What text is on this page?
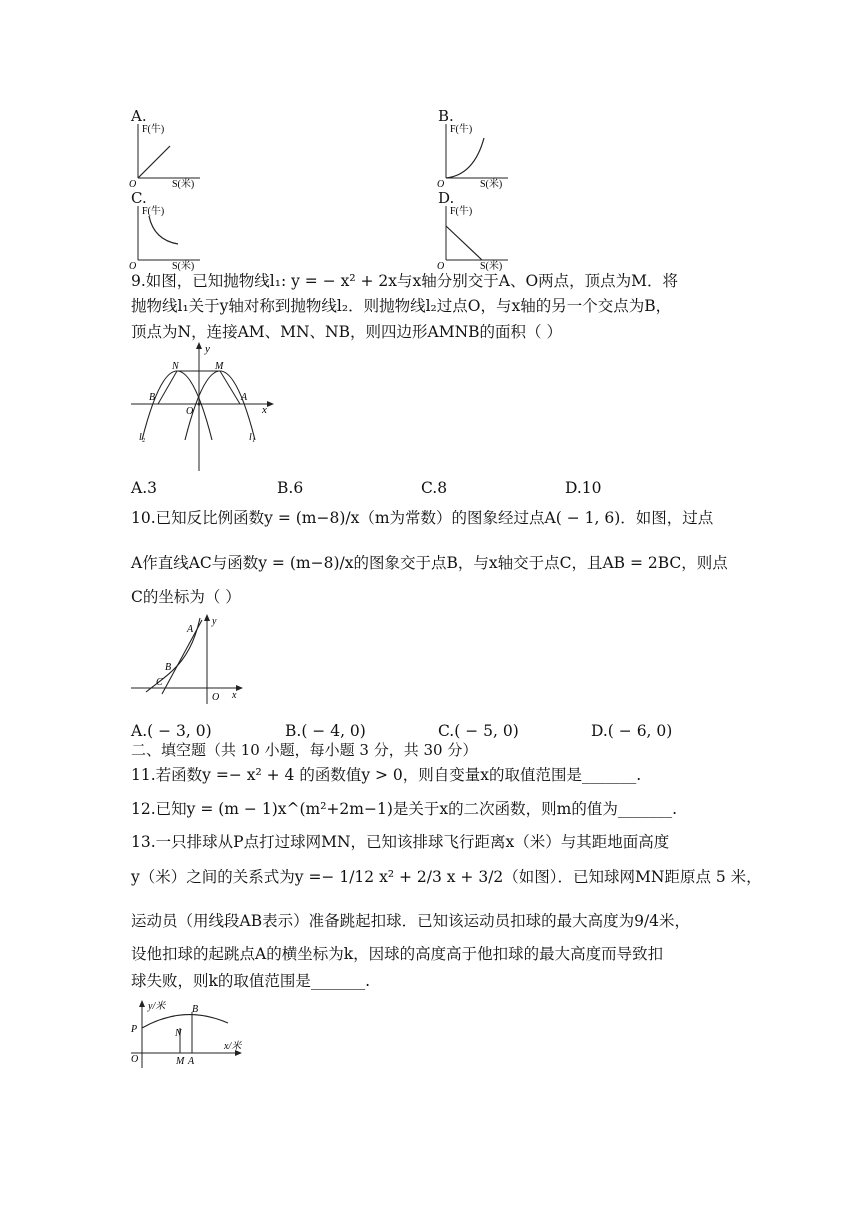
A.
F(牛)
O	S(米)
B.
F(牛)
O	S(米)
C.
F(牛)
O	S(米)
D.
F(牛)
O	S(米)
9.如图，已知抛物线l₁: y = − x² + 2x与x轴分别交于A、O两点，顶点为M．将
抛物线l₁关于y轴对称到抛物线l₂．则抛物线l₂过点O，与x轴的另一个交点为B，
顶点为N，连接AM、MN、NB，则四边形AMNB的面积（ ）
y
x
N	M
B
O
A
l₂	l₁
A.3	B.6	C.8	D.10
10.已知反比例函数y = (m−8)/x（m为常数）的图象经过点A( − 1, 6)．如图，过点
A作直线AC与函数y = (m−8)/x的图象交于点B，与x轴交于点C，且AB = 2BC，则点
C的坐标为（ ）
y
x
A
B
C
O
A.( − 3, 0)	B.( − 4, 0)	C.( − 5, 0)	D.( − 6, 0)
二、填空题（共 10 小题，每小题 3 分，共 30 分）
11.若函数y =− x² + 4 的函数值y > 0，则自变量x的取值范围是_______.
12.已知y = (m − 1)x^(m²+2m−1)是关于x的二次函数，则m的值为_______.
13.一只排球从P点打过球网MN，已知该排球飞行距离x（米）与其距地面高度
y（米）之间的关系式为y =− 1/12 x² + 2/3 x + 3/2（如图）．已知球网MN距原点 5 米，
运动员（用线段AB表示）准备跳起扣球．已知该运动员扣球的最大高度为9/4米，
设他扣球的起跳点A的横坐标为k，因球的高度高于他扣球的最大高度而导致扣
球失败，则k的取值范围是_______.
y/米
x/米
P	N
B
O	M A
